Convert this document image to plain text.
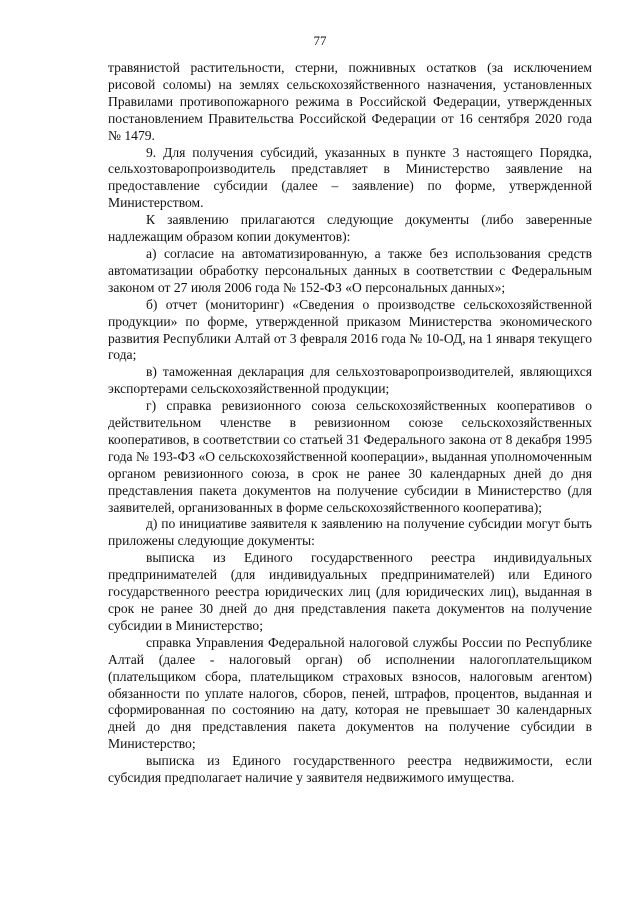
77

травянистой растительности, стерни, пожнивных остатков (за исключением рисовой соломы) на землях сельскохозяйственного назначения, установленных Правилами противопожарного режима в Российской Федерации, утвержденных постановлением Правительства Российской Федерации от 16 сентября 2020 года № 1479.

9. Для получения субсидий, указанных в пункте 3 настоящего Порядка, сельхозтоваропроизводитель представляет в Министерство заявление на предоставление субсидии (далее – заявление) по форме, утвержденной Министерством.

К заявлению прилагаются следующие документы (либо заверенные надлежащим образом копии документов):

а) согласие на автоматизированную, а также без использования средств автоматизации обработку персональных данных в соответствии с Федеральным законом от 27 июля 2006 года № 152-ФЗ «О персональных данных»;

б) отчет (мониторинг) «Сведения о производстве сельскохозяйственной продукции» по форме, утвержденной приказом Министерства экономического развития Республики Алтай от 3 февраля 2016 года № 10-ОД, на 1 января текущего года;

в) таможенная декларация для сельхозтоваропроизводителей, являющихся экспортерами сельскохозяйственной продукции;

г) справка ревизионного союза сельскохозяйственных кооперативов о действительном членстве в ревизионном союзе сельскохозяйственных кооперативов, в соответствии со статьей 31 Федерального закона от 8 декабря 1995 года № 193-ФЗ «О сельскохозяйственной кооперации», выданная уполномоченным органом ревизионного союза, в срок не ранее 30 календарных дней до дня представления пакета документов на получение субсидии в Министерство (для заявителей, организованных в форме сельскохозяйственного кооператива);

д) по инициативе заявителя к заявлению на получение субсидии могут быть приложены следующие документы:

выписка из Единого государственного реестра индивидуальных предпринимателей (для индивидуальных предпринимателей) или Единого государственного реестра юридических лиц (для юридических лиц), выданная в срок не ранее 30 дней до дня представления пакета документов на получение субсидии в Министерство;

справка Управления Федеральной налоговой службы России по Республике Алтай (далее - налоговый орган) об исполнении налогоплательщиком (плательщиком сбора, плательщиком страховых взносов, налоговым агентом) обязанности по уплате налогов, сборов, пеней, штрафов, процентов, выданная и сформированная по состоянию на дату, которая не превышает 30 календарных дней до дня представления пакета документов на получение субсидии в Министерство;

выписка из Единого государственного реестра недвижимости, если субсидия предполагает наличие у заявителя недвижимого имущества.
